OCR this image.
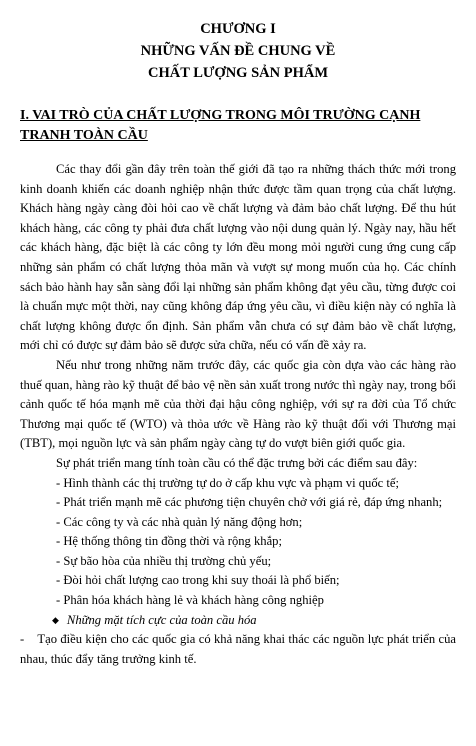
CHƯƠNG I
NHỮNG VẤN ĐỀ CHUNG VỀ
CHẤT LƯỢNG SẢN PHẨM
I. VAI TRÒ CỦA CHẤT LƯỢNG TRONG MÔI TRƯỜNG CẠNH TRANH TOÀN CẦU

Các thay đổi gần đây trên toàn thế giới đã tạo ra những thách thức mới trong kinh doanh khiến các doanh nghiệp nhận thức được tầm quan trọng của chất lượng. Khách hàng ngày càng đòi hỏi cao về chất lượng và đảm bảo chất lượng. Để thu hút khách hàng, các công ty phải đưa chất lượng vào nội dung quản lý. Ngày nay, hầu hết các khách hàng, đặc biệt là các công ty lớn đều mong mỏi người cung ứng cung cấp những sản phẩm có chất lượng thỏa mãn và vượt sự mong muốn của họ. Các chính sách bảo hành hay sẵn sàng đổi lại những sản phẩm không đạt yêu cầu, từng được coi là chuẩn mực một thời, nay cũng không đáp ứng yêu cầu, vì điều kiện này có nghĩa là chất lượng không được ổn định. Sản phẩm vẫn chưa có sự đảm bảo về chất lượng, mới chỉ có được sự đảm bảo sẽ được sửa chữa, nếu có vấn đề xảy ra.

Nếu như trong những năm trước đây, các quốc gia còn dựa vào các hàng rào thuế quan, hàng rào kỹ thuật để bảo vệ nền sản xuất trong nước thì ngày nay, trong bối cảnh quốc tế hóa mạnh mẽ của thời đại hậu công nghiệp, với sự ra đời của Tổ chức Thương mại quốc tế (WTO) và thỏa ước về Hàng rào kỹ thuật đối với Thương mại (TBT), mọi nguồn lực và sản phẩm ngày càng tự do vượt biên giới quốc gia.

Sự phát triển mang tính toàn cầu có thể đặc trưng bởi các điểm sau đây:

- Hình thành các thị trường tự do ở cấp khu vực và phạm vi quốc tế;

- Phát triển mạnh mẽ các phương tiện chuyên chở với giá rẻ, đáp ứng nhanh;

- Các công ty và các nhà quản lý năng động hơn;

- Hệ thống thông tin đồng thời và rộng khắp;

- Sự bão hòa của nhiều thị trường chủ yếu;

- Đòi hỏi chất lượng cao trong khi suy thoái là phổ biến;

- Phân hóa khách hàng lẻ và khách hàng công nghiệp

◆ Những mặt tích cực của toàn cầu hóa

-    Tạo điều kiện cho các quốc gia có khả năng khai thác các nguồn lực phát triển của nhau, thúc đẩy tăng trưởng kinh tế.
